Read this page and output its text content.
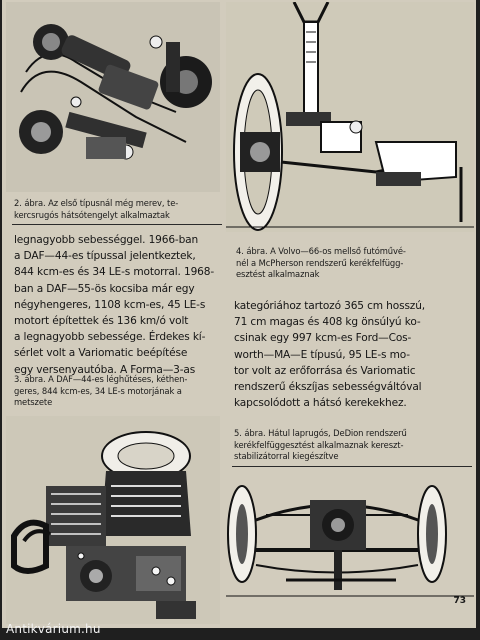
2. ábra. Az első típusnál még merev, te-
kercsrugós hátsótengelyt alkalmaztak
4. ábra. A Volvo—66-os mellső futóművé-
nél a McPherson rendszerű kerékfelfügg-
esztést alkalmaznak
legnagyobb sebességgel. 1966-ban
a DAF—44-es típussal jelentkeztek,
844 kcm-es és 34 LE-s motorral. 1968-
ban a DAF—55-ös kocsiba már egy
négyhengeres, 1108 kcm-es, 45 LE-s
motort építettek és 136 km/ó volt
a legnagyobb sebessége. Érdekes kí-
sérlet volt a Variomatic beépítése
egy versenyautóba. A Forma—3-as
kategóriához tartozó 365 cm hosszú,
71 cm magas és 408 kg önsúlyú ko-
csinak egy 997 kcm-es Ford—Cos-
worth—MA—E típusú, 95 LE-s mo-
tor volt az erőforrása és Variomatic
rendszerű ékszíjas sebességváltóval
kapcsolódott a hátsó kerekekhez.
3. ábra. A DAF—44-es léghűtéses, kéthen-
geres, 844 kcm-es, 34 LE-s motorjának a
metszete
5. ábra. Hátul laprugós, DeDion rendszerű
kerékfelfüggesztést alkalmaznak kereszt-
stabilizátorral kiegészítve
73
Antikvárium.hu
